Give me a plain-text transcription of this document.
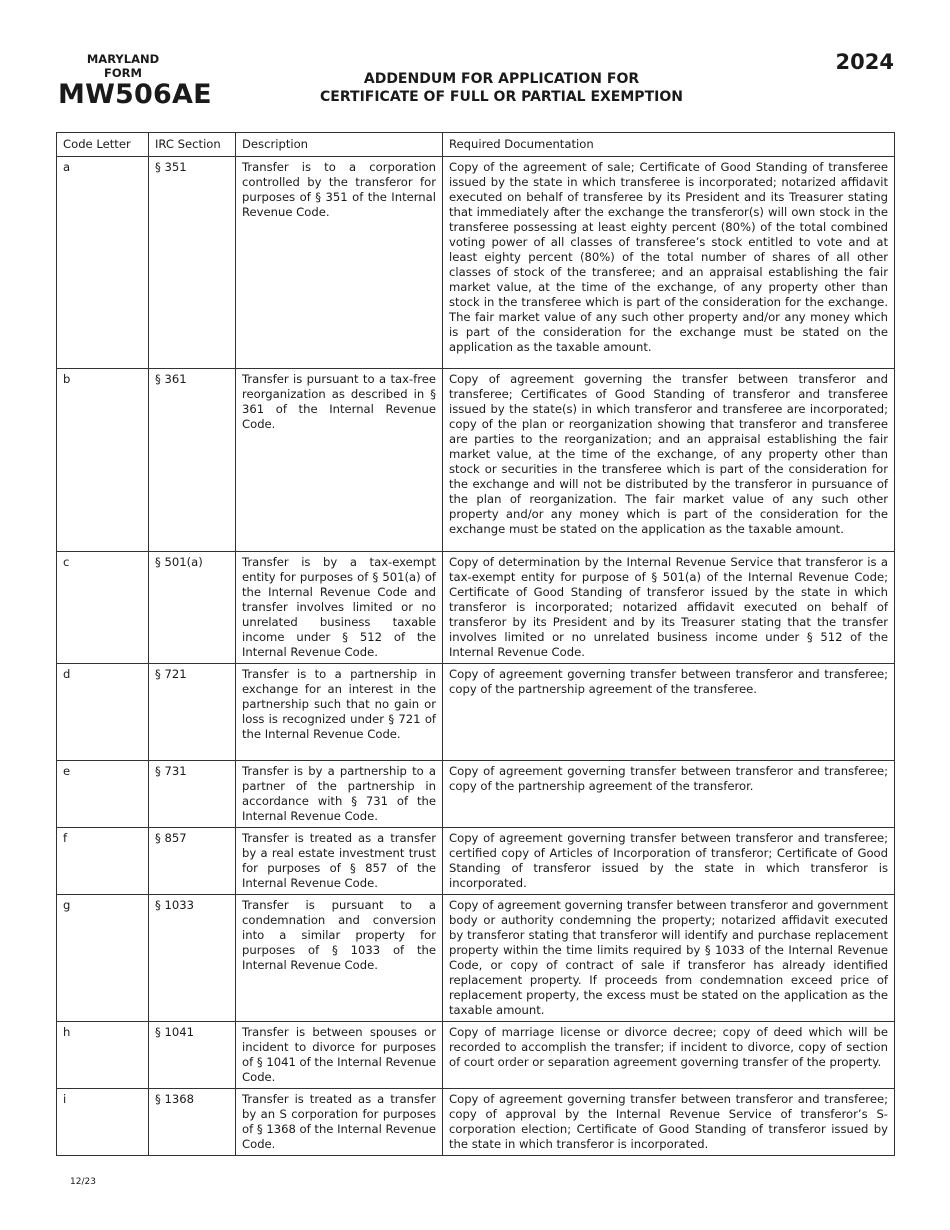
MARYLAND
FORM
MW506AE	ADDENDUM FOR APPLICATION FOR
CERTIFICATE OF FULL OR PARTIAL EXEMPTION
2024
Code Letter	IRC Section	Description	Required Documentation
a	§ 351	Transfer is to a corporation controlled by the transferor for purposes of § 351 of the Internal Revenue Code.	Copy of the agreement of sale; Certificate of Good Standing of transferee issued by the state in which transferee is incorporated; notarized affidavit executed on behalf of transferee by its President and its Treasurer stating that immediately after the exchange the transferor(s) will own stock in the transferee possessing at least eighty percent (80%) of the total combined voting power of all classes of transferee’s stock entitled to vote and at least eighty percent (80%) of the total number of shares of all other classes of stock of the transferee; and an appraisal establishing the fair market value, at the time of the exchange, of any property other than stock in the transferee which is part of the consideration for the exchange. The fair market value of any such other property and/or any money which is part of the consideration for the exchange must be stated on the application as the taxable amount.
b	§ 361	Transfer is pursuant to a tax-free reorganization as described in § 361 of the Internal Revenue Code.	Copy of agreement governing the transfer between transferor and transferee; Certificates of Good Standing of transferor and transferee issued by the state(s) in which transferor and transferee are incorporated; copy of the plan or reorganization showing that transferor and transferee are parties to the reorganization; and an appraisal establishing the fair market value, at the time of the exchange, of any property other than stock or securities in the transferee which is part of the consideration for the exchange and will not be distributed by the transferor in pursuance of the plan of reorganization. The fair market value of any such other property and/or any money which is part of the consideration for the exchange must be stated on the application as the taxable amount.
c	§ 501(a)	Transfer is by a tax-exempt entity for purposes of § 501(a) of the Internal Revenue Code and transfer involves limited or no unrelated business taxable income under § 512 of the Internal Revenue Code.	Copy of determination by the Internal Revenue Service that transferor is a tax-exempt entity for purpose of § 501(a) of the Internal Revenue Code; Certificate of Good Standing of transferor issued by the state in which transferor is incorporated; notarized affidavit executed on behalf of transferor by its President and by its Treasurer stating that the transfer involves limited or no unrelated business income under § 512 of the Internal Revenue Code.
d	§ 721	Transfer is to a partnership in exchange for an interest in the partnership such that no gain or loss is recognized under § 721 of the Internal Revenue Code.	Copy of agreement governing transfer between transferor and transferee; copy of the partnership agreement of the transferee.
e	§ 731	Transfer is by a partnership to a partner of the partnership in accordance with § 731 of the Internal Revenue Code.	Copy of agreement governing transfer between transferor and transferee; copy of the partnership agreement of the transferor.
f	§ 857	Transfer is treated as a transfer by a real estate investment trust for purposes of § 857 of the Internal Revenue Code.	Copy of agreement governing transfer between transferor and transferee; certified copy of Articles of Incorporation of transferor; Certificate of Good Standing of transferor issued by the state in which transferor is incorporated.
g	§ 1033	Transfer is pursuant to a condemnation and conversion into a similar property for purposes of § 1033 of the Internal Revenue Code.	Copy of agreement governing transfer between transferor and government body or authority condemning the property; notarized affidavit executed by transferor stating that transferor will identify and purchase replacement property within the time limits required by § 1033 of the Internal Revenue Code, or copy of contract of sale if transferor has already identified replacement property. If proceeds from condemnation exceed price of replacement property, the excess must be stated on the application as the taxable amount.
h	§ 1041	Transfer is between spouses or incident to divorce for purposes of § 1041 of the Internal Revenue Code.	Copy of marriage license or divorce decree; copy of deed which will be recorded to accomplish the transfer; if incident to divorce, copy of section of court order or separation agreement governing transfer of the property.
i	§ 1368	Transfer is treated as a transfer by an S corporation for purposes of § 1368 of the Internal Revenue Code.	Copy of agreement governing transfer between transferor and transferee; copy of approval by the Internal Revenue Service of transferor’s S-corporation election; Certificate of Good Standing of transferor issued by the state in which transferor is incorporated.
12/23
